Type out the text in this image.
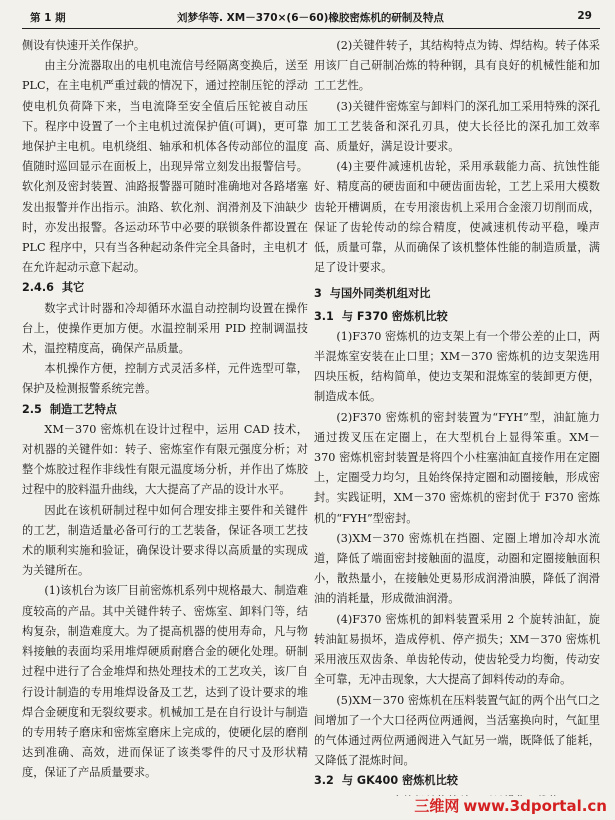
第 1 期	刘梦华等. XM－370×(6－60)橡胶密炼机的研制及特点	29

侧设有快速开关作保护。

由主分流器取出的电机电流信号经隔离变换后，送至 PLC，在主电机严重过载的情况下，通过控制压铊的浮动使电机负荷降下来，当电流降至安全值后压铊被自动压下。程序中设置了一个主电机过流保护值(可调)，更可靠地保护主电机。电机绕组、轴承和机体各传动部位的温度值随时巡回显示在面板上，出现异常立刻发出报警信号。软化剂及密封装置、油路报警器可随时准确地对各路堵塞发出报警并作出指示。油路、软化剂、润滑剂及下油缺少时，亦发出报警。各运动环节中必要的联锁条件都设置在 PLC 程序中，只有当各种起动条件完全具备时，主电机才在允许起动示意下起动。

2.4.6 其它

数字式计时器和冷却循环水温自动控制均设置在操作台上，使操作更加方便。水温控制采用 PID 控制调温技术，温控精度高，确保产品质量。

本机操作方便，控制方式灵活多样，元件选型可靠，保护及检测报警系统完善。

2.5 制造工艺特点

XM－370 密炼机在设计过程中，运用 CAD 技术，对机器的关键件如：转子、密炼室作有限元强度分析；对整个炼胶过程作非线性有限元温度场分析，并作出了炼胶过程中的胶料温升曲线，大大提高了产品的设计水平。

因此在该机研制过程中如何合理安排主要件和关键件的工艺，制造适量必备可行的工艺装备，保证各项工艺技术的顺利实施和验证，确保设计要求得以高质量的实现成为关键所在。

(1)该机台为该厂目前密炼机系列中规格最大、制造难度较高的产品。其中关键件转子、密炼室、卸料门等，结构复杂，制造难度大。为了提高机器的使用寿命，凡与物料接触的表面均采用堆焊硬质耐磨合金的硬化处理。研制过程中进行了合金堆焊和热处理技术的工艺攻关，该厂自行设计制造的专用堆焊设备及工艺，达到了设计要求的堆焊合金硬度和无裂纹要求。机械加工是在自行设计与制造的专用转子磨床和密炼室磨床上完成的，使硬化层的磨削达到准确、高效，进而保证了该类零件的尺寸及形状精度，保证了产品质量要求。

(2)关键件转子，其结构特点为铸、焊结构。转子体采用该厂自己研制冶炼的特种钢，具有良好的机械性能和加工工艺性。

(3)关键件密炼室与卸料门的深孔加工采用特殊的深孔加工工艺装备和深孔刃具，使大长径比的深孔加工效率高、质量好，满足设计要求。

(4)主要件减速机齿轮，采用承载能力高、抗蚀性能好、精度高的硬齿面和中硬齿面齿轮，工艺上采用大模数齿轮开槽调质，在专用滚齿机上采用合金滚刀切削而成，保证了齿轮传动的综合精度，使减速机传动平稳，噪声低，质量可靠，从而确保了该机整体性能的制造质量，满足了设计要求。

3 与国外同类机组对比
3.1 与 F370 密炼机比较

(1)F370 密炼机的边支架上有一个带公差的止口，两半混炼室安装在止口里；XM－370 密炼机的边支架选用四块压板，结构简单，使边支架和混炼室的装卸更方便，制造成本低。

(2)F370 密炼机的密封装置为“FYH”型，油缸施力通过拨叉压在定圈上，在大型机台上显得笨重。XM－370 密炼机密封装置是将四个小柱塞油缸直接作用在定圈上，定圈受力均匀，且始终保持定圈和动圈接触，形成密封。实践证明，XM－370 密炼机的密封优于 F370 密炼机的“FYH”型密封。

(3)XM－370 密炼机在挡圈、定圈上增加冷却水流道，降低了端面密封接触面的温度，动圈和定圈接触面积小，散热量小，在接触处更易形成润滑油膜，降低了润滑油的消耗量，形成微油润滑。

(4)F370 密炼机的卸料装置采用 2 个旋转油缸，旋转油缸易损坏，造成停机、停产损失；XM－370 密炼机采用液压双齿条、单齿轮传动，使齿轮受力均衡，传动安全可靠，无冲击现象，大大提高了卸料传动的寿命。

(5)XM－370 密炼机在压料装置气缸的两个出气口之间增加了一个大口径两位两通阀，当活塞换向时，气缸里的气体通过两位两通阀进入气缸另一端，既降低了能耗，又降低了混炼时间。

3.2 与 GK400 密炼机比较

三维网 www.3dportal.cn
